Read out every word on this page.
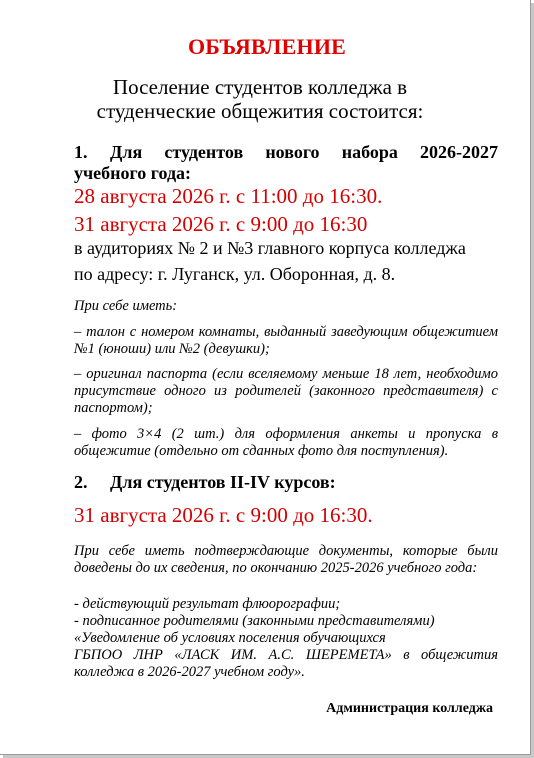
ОБЪЯВЛЕНИЕ
Поселение студентов колледжа в
студенческие общежития состоится:
1. Для студентов нового набора 2026-2027 учебного года:
28 августа 2026 г. с 11:00 до 16:30.
31 августа 2026 г. с 9:00 до 16:30
в аудиториях № 2 и №3 главного корпуса колледжа
по адресу: г. Луганск, ул. Оборонная, д. 8.
При себе иметь:
– талон с номером комнаты, выданный заведующим общежитием №1 (юноши) или №2 (девушки);
– оригинал паспорта (если вселяемому меньше 18 лет, необходимо присутствие одного из родителей (законного представителя) с паспортом);
– фото 3×4 (2 шт.) для оформления анкеты и пропуска в общежитие (отдельно от сданных фото для поступления).
2. Для студентов II-IV курсов:
31 августа 2026 г. с 9:00 до 16:30.
При себе иметь подтверждающие документы, которые были доведены до их сведения, по окончанию 2025-2026 учебного года:
- действующий результат флюорографии;
- подписанное родителями (законными представителями)
«Уведомление об условиях поселения обучающихся
ГБПОО ЛНР «ЛАСК ИМ. А.С. ШЕРЕМЕТА» в общежития колледжа в 2026-2027 учебном году».
Администрация колледжа
